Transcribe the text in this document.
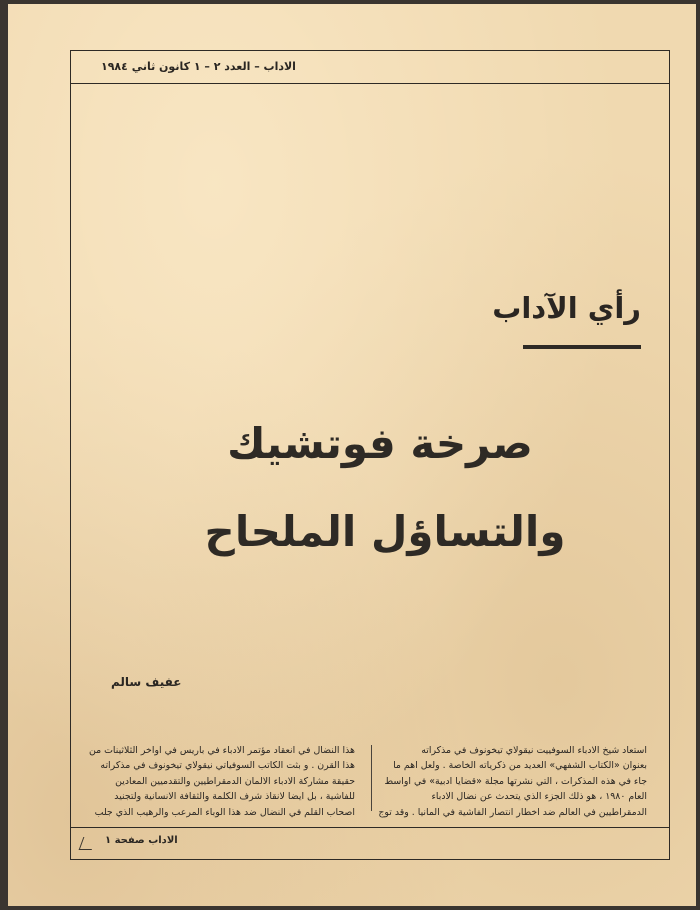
الاداب – العدد ٢ – ١ كانون ثاني ١٩٨٤
رأي الآداب
صرخة فوتشيك
والتساؤل الملحاح
عفيف سالم
استعاد شيخ الادباء السوفييت نيقولاي تيخونوف في مذكراته
بعنوان «الكتاب الشفهي» العديد من ذكرياته الخاصة . ولعل اهم ما
جاء في هذه المذكرات ، التي نشرتها مجلة «قضايا ادبية» في اواسط
العام ١٩٨٠ ، هو ذلك الجزء الذي يتحدث عن نضال الادباء
الدمقراطيين في العالم ضد اخطار انتصار الفاشية في المانيا . وقد توج
هذا النضال في انعقاد مؤتمر الادباء في باريس في اواخر الثلاثينات من
هذا القرن . و بثت الكاتب السوفياتي نيقولاي تيخونوف في مذكراته
حقيقة مشاركة الادباء الالمان الدمقراطيين والتقدميين المعادين
للفاشية ، بل ايضا لانقاذ شرف الكلمة والثقافة الانسانية ولتجنيد
اصحاب القلم في النضال ضد هذا الوباء المرعب والرهيب الذي جلب
الاداب صفحة ١
